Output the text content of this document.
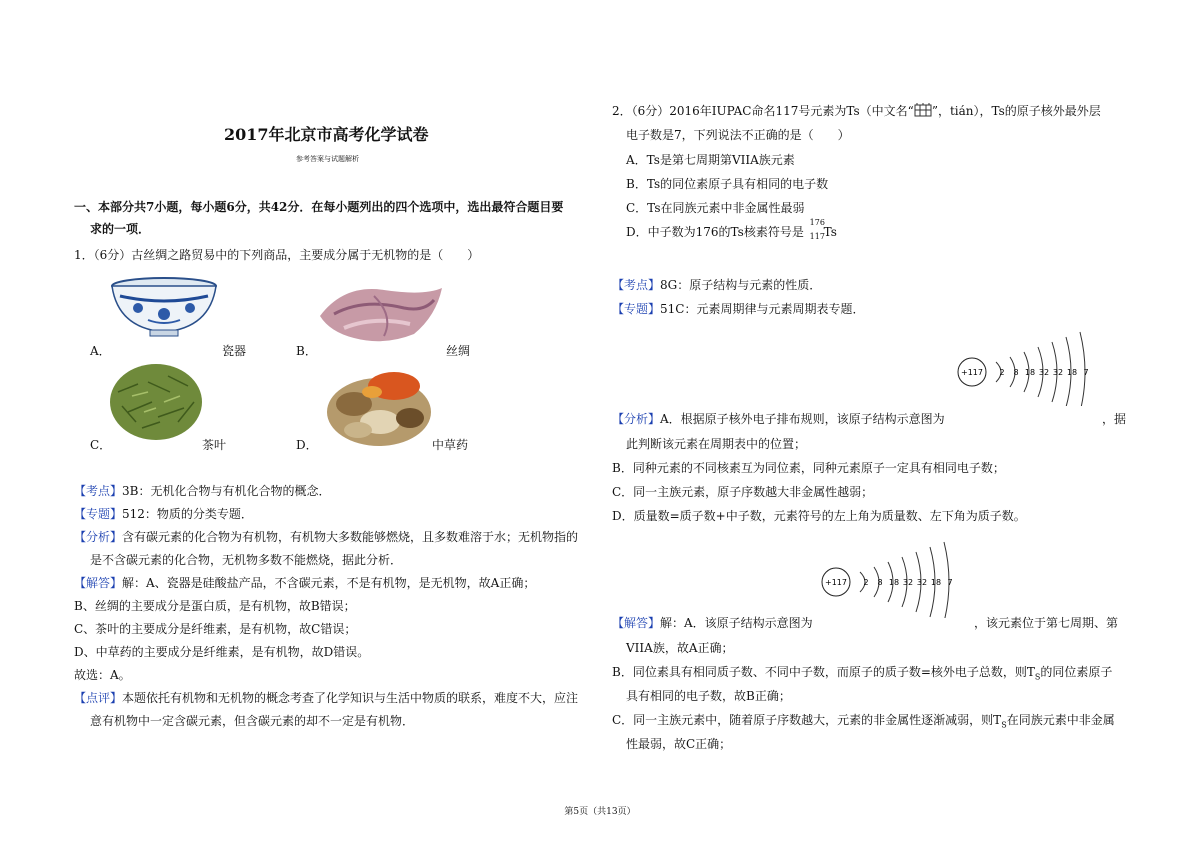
2017年北京市高考化学试卷
参考答案与试题解析
一、本部分共7小题，每小题6分，共42分．在每小题列出的四个选项中，选出最符合题目要
求的一项．
1．（6分）古丝绸之路贸易中的下列商品，主要成分属于无机物的是（　　）
A．	瓷器	B．	丝绸
C．	茶叶	D．	中草药
【考点】3B：无机化合物与有机化合物的概念．
【专题】512：物质的分类专题．
【分析】含有碳元素的化合物为有机物，有机物大多数能够燃烧，且多数难溶于水；无机物指的
是不含碳元素的化合物，无机物多数不能燃烧，据此分析．
【解答】解：A、瓷器是硅酸盐产品，不含碳元素，不是有机物，是无机物，故A正确；
B、丝绸的主要成分是蛋白质，是有机物，故B错误；
C、茶叶的主要成分是纤维素，是有机物，故C错误；
D、中草药的主要成分是纤维素，是有机物，故D错误。
故选：A。
【点评】本题依托有机物和无机物的概念考查了化学知识与生活中物质的联系，难度不大，应注
意有机物中一定含碳元素，但含碳元素的却不一定是有机物．
2．（6分）2016年IUPAC命名117号元素为Ts（中文名“ ”，tián），Ts的原子核外最外层
电子数是7，下列说法不正确的是（　　）
A．Ts是第七周期第VIIA族元素
B．Ts的同位素原子具有相同的电子数
C．Ts在同族元素中非金属性最弱
D．中子数为176的Ts核素符号是
176
117
Ts
【考点】8G：原子结构与元素的性质．
【专题】51C：元素周期律与元素周期表专题．
+117 2 8 18 32 32 18 7
【分析】A．根据原子核外电子排布规则，该原子结构示意图为	，据
此判断该元素在周期表中的位置；
B．同种元素的不同核素互为同位素，同种元素原子一定具有相同电子数；
C．同一主族元素，原子序数越大非金属性越弱；
D．质量数=质子数+中子数，元素符号的左上角为质量数、左下角为质子数。
+117 2 8 18 32 32 18 7
【解答】解：A．该原子结构示意图为	，该元素位于第七周期、第
VIIA族，故A正确；
B．同位素具有相同质子数、不同中子数，而原子的质子数=核外电子总数，则$T_S$的同位素原子
具有相同的电子数，故B正确；
C．同一主族元素中，随着原子序数越大，元素的非金属性逐渐减弱，则$T_S$在同族元素中非金属
性最弱，故C正确；
第5页（共13页）
